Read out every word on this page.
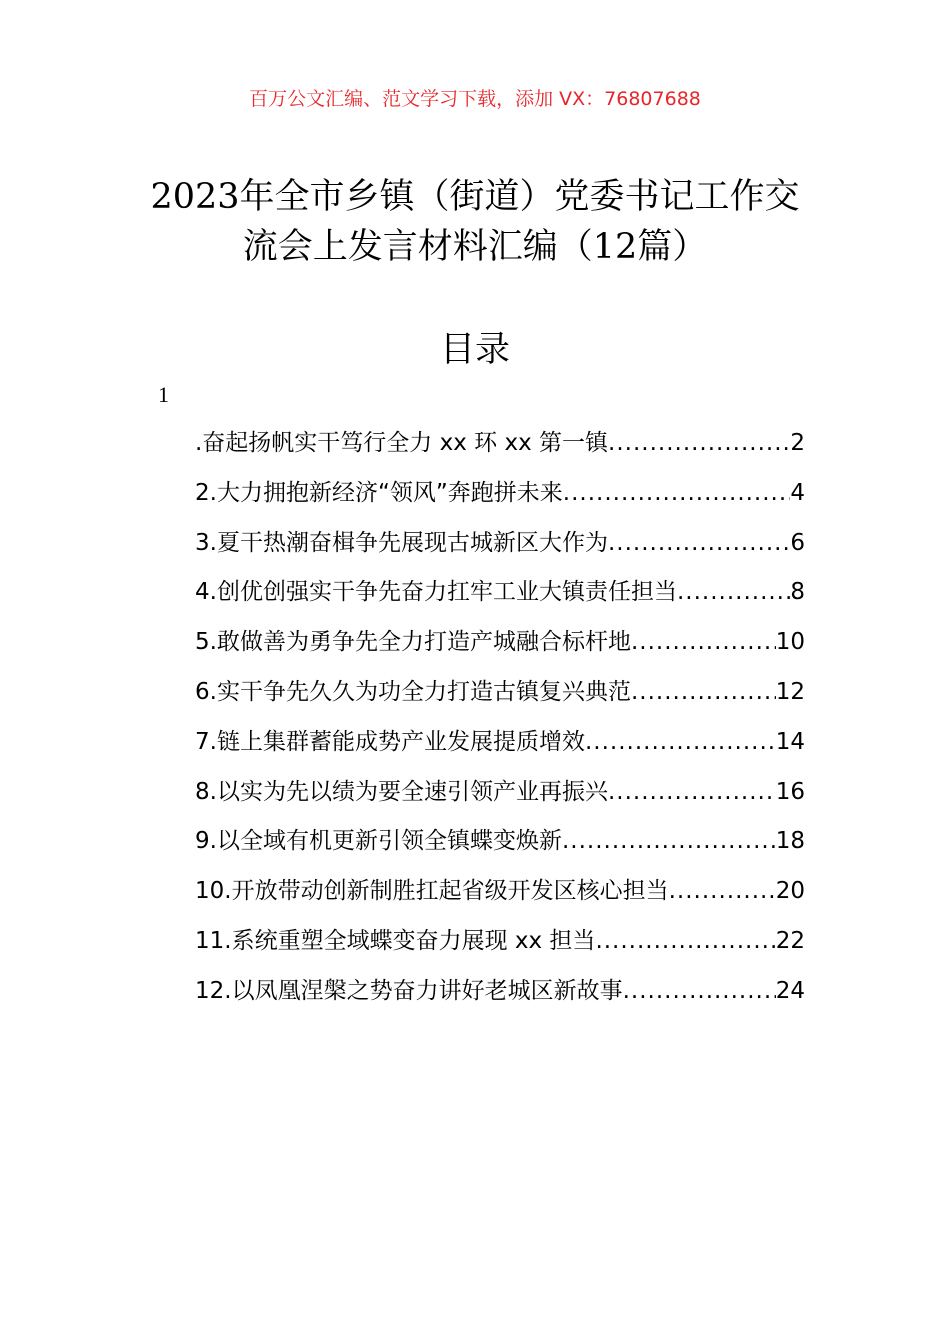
百万公文汇编、范文学习下载，添加 VX：76807688
2023年全市乡镇（街道）党委书记工作交
流会上发言材料汇编（12篇）
目录
1
.奋起扬帆实干笃行全力 xx 环 xx 第一镇 .....	2
2.大力拥抱新经济“领风”奔跑拼未来 .....	4
3.夏干热潮奋楫争先展现古城新区大作为 .....	6
4.创优创强实干争先奋力扛牢工业大镇责任担当 .....	8
5.敢做善为勇争先全力打造产城融合标杆地 .....	10
6.实干争先久久为功全力打造古镇复兴典范 .....	12
7.链上集群蓄能成势产业发展提质增效 .....	14
8.以实为先以绩为要全速引领产业再振兴 .....	16
9.以全域有机更新引领全镇蝶变焕新 .....	18
10.开放带动创新制胜扛起省级开发区核心担当 .....	20
11.系统重塑全域蝶变奋力展现 xx 担当 .....	22
12.以凤凰涅槃之势奋力讲好老城区新故事 .....	24
